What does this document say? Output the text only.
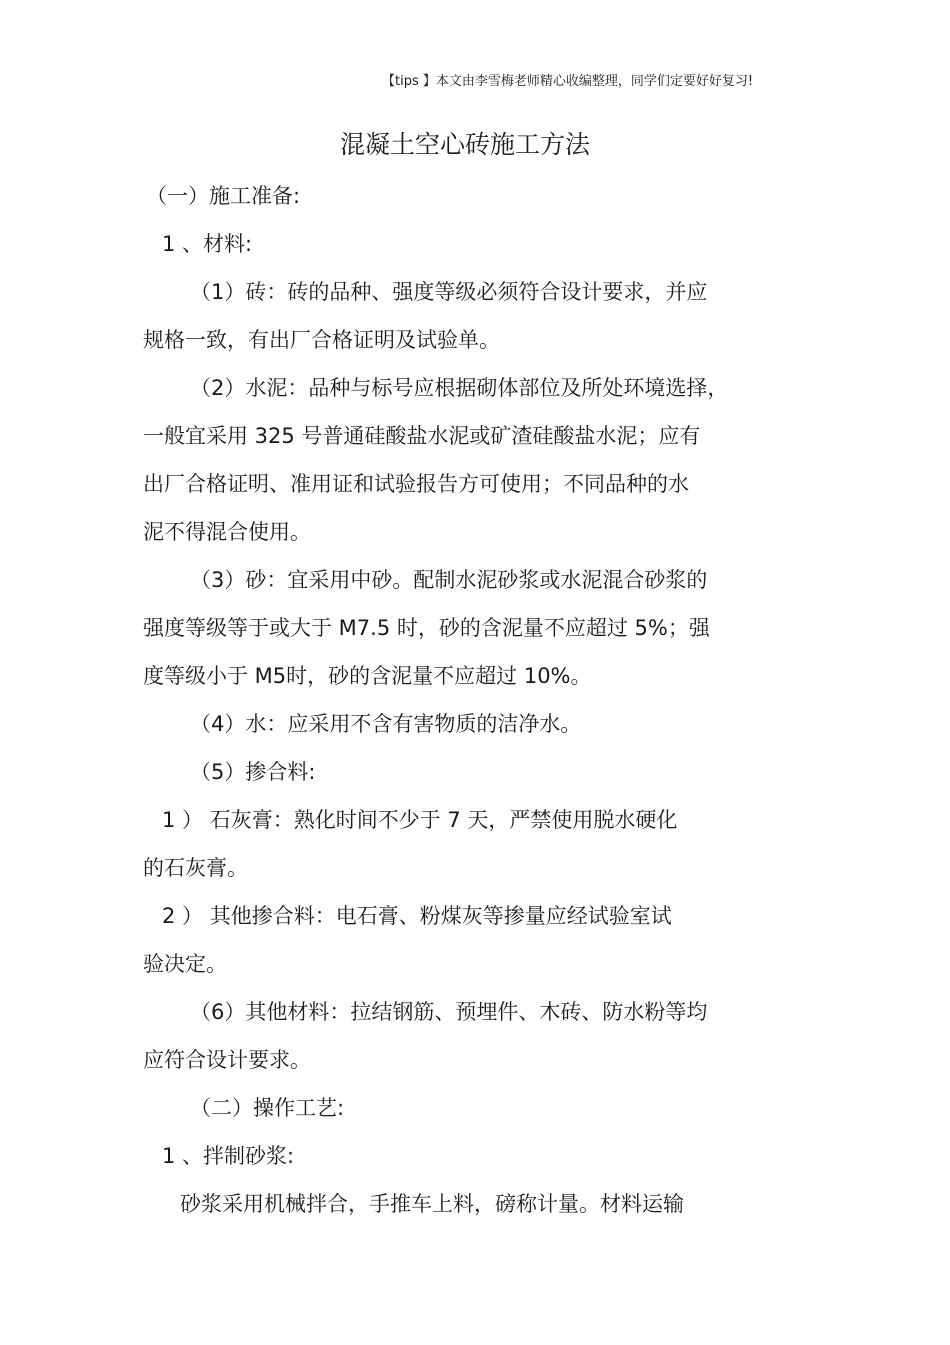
【tips 】本文由李雪梅老师精心收编整理，同学们定要好好复习!
混凝土空心砖施工方法
（一）施工准备:
1 、材料:
（1）砖：砖的品种、强度等级必须符合设计要求，并应
规格一致，有出厂合格证明及试验单。
（2）水泥：品种与标号应根据砌体部位及所处环境选择，
一般宜采用 325 号普通硅酸盐水泥或矿渣硅酸盐水泥；应有
出厂合格证明、准用证和试验报告方可使用；不同品种的水
泥不得混合使用。
（3）砂：宜采用中砂。配制水泥砂浆或水泥混合砂浆的
强度等级等于或大于 M7.5 时，砂的含泥量不应超过 5%；强
度等级小于 M5时，砂的含泥量不应超过 10%。
（4）水：应采用不含有害物质的洁净水。
（5）掺合料:
1 ） 石灰膏：熟化时间不少于 7 天，严禁使用脱水硬化
的石灰膏。
2 ） 其他掺合料：电石膏、粉煤灰等掺量应经试验室试
验决定。
（6）其他材料：拉结钢筋、预埋件、木砖、防水粉等均
应符合设计要求。
（二）操作工艺:
1 、拌制砂浆:
砂浆采用机械拌合，手推车上料，磅称计量。材料运输
